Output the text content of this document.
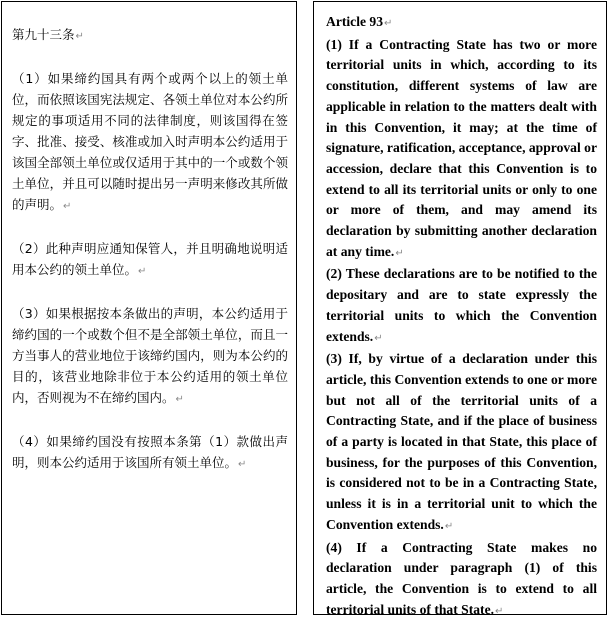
第九十三条↵

（1）如果缔约国具有两个或两个以上的领土单位，而依照该国宪法规定、各领土单位对本公约所规定的事项适用不同的法律制度，则该国得在签字、批准、接受、核准或加入时声明本公约适用于该国全部领土单位或仅适用于其中的一个或数个领土单位，并且可以随时提出另一声明来修改其所做的声明。↵

（2）此种声明应通知保管人，并且明确地说明适用本公约的领土单位。↵

（3）如果根据按本条做出的声明，本公约适用于缔约国的一个或数个但不是全部领土单位，而且一方当事人的营业地位于该缔约国内，则为本公约的目的，该营业地除非位于本公约适用的领土单位内，否则视为不在缔约国内。↵

（4）如果缔约国没有按照本条第（1）款做出声明，则本公约适用于该国所有领土单位。↵

Article 93↵

(1) If a Contracting State has two or more territorial units in which, according to its constitution, different systems of law are applicable in relation to the matters dealt with in this Convention, it may; at the time of signature, ratification, acceptance, approval or accession, declare that this Convention is to extend to all its territorial units or only to one or more of them, and may amend its declaration by submitting another declaration at any time.↵

(2) These declarations are to be notified to the depositary and are to state expressly the territorial units to which the Convention extends.↵

(3) If, by virtue of a declaration under this article, this Convention extends to one or more but not all of the territorial units of a Contracting State, and if the place of business of a party is located in that State, this place of business, for the purposes of this Convention, is considered not to be in a Contracting State, unless it is in a territorial unit to which the Convention extends.↵

(4) If a Contracting State makes no declaration under paragraph (1) of this article, the Convention is to extend to all territorial units of that State.↵
